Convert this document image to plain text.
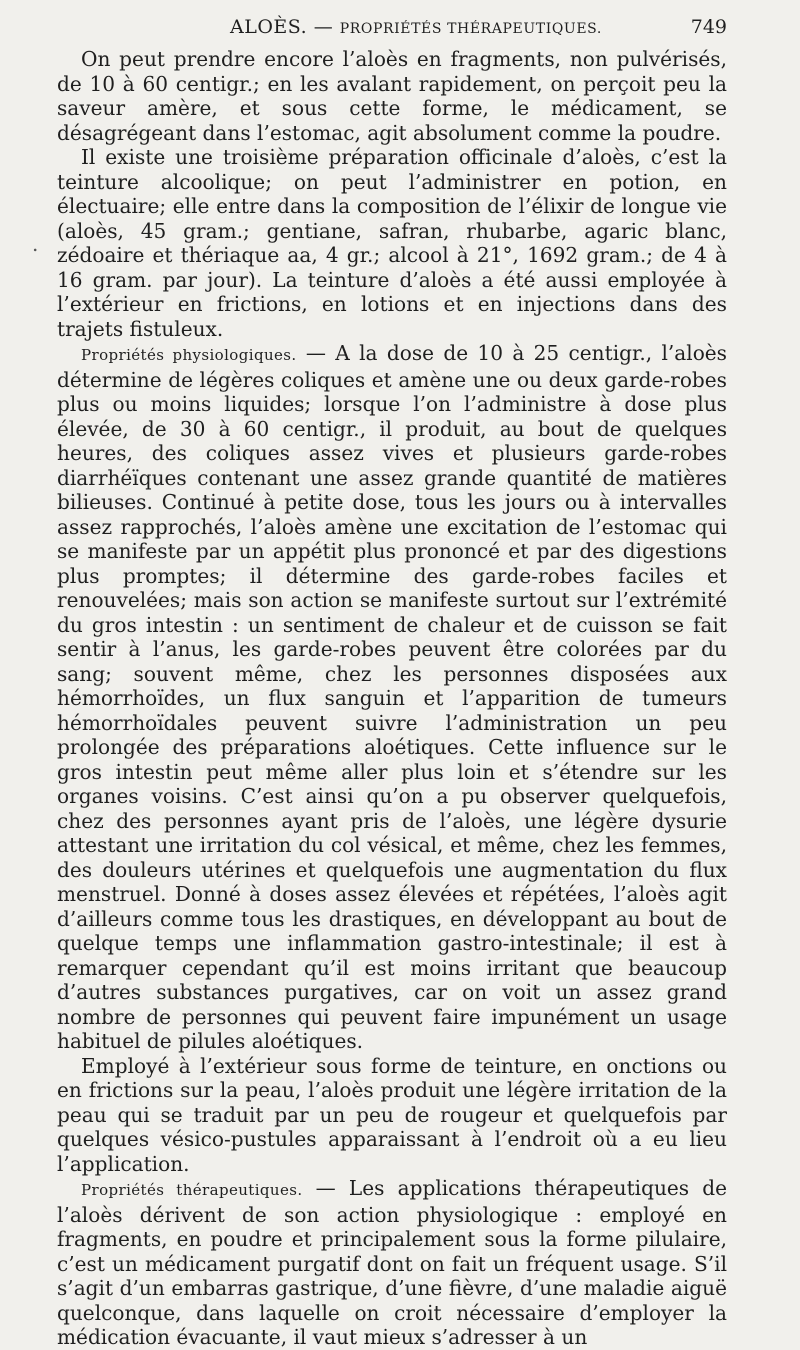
ALOÈS. — PROPRIÉTÉS THÉRAPEUTIQUES.	749
.

On peut prendre encore l’aloès en fragments, non pulvérisés, de 10 à 60 centigr.; en les avalant rapidement, on perçoit peu la saveur amère, et sous cette forme, le médicament, se désagrégeant dans l’estomac, agit absolument comme la poudre.

Il existe une troisième préparation officinale d’aloès, c’est la teinture alcoolique; on peut l’administrer en potion, en électuaire; elle entre dans la composition de l’élixir de longue vie (aloès, 45 gram.; gentiane, safran, rhubarbe, agaric blanc, zédoaire et thériaque aa, 4 gr.; alcool à 21°, 1692 gram.; de 4 à 16 gram. par jour). La teinture d’aloès a été aussi employée à l’extérieur en frictions, en lotions et en injections dans des trajets fistuleux.

Propriétés physiologiques. — A la dose de 10 à 25 centigr., l’aloès détermine de légères coliques et amène une ou deux garde-robes plus ou moins liquides; lorsque l’on l’administre à dose plus élevée, de 30 à 60 centigr., il produit, au bout de quelques heures, des coliques assez vives et plusieurs garde-robes diarrhéïques contenant une assez grande quantité de matières bilieuses. Continué à petite dose, tous les jours ou à intervalles assez rapprochés, l’aloès amène une excitation de l’estomac qui se manifeste par un appétit plus prononcé et par des digestions plus promptes; il détermine des garde-robes faciles et renouvelées; mais son action se manifeste surtout sur l’extrémité du gros intestin : un sentiment de chaleur et de cuisson se fait sentir à l’anus, les garde-robes peuvent être colorées par du sang; souvent même, chez les personnes disposées aux hémorrhoïdes, un flux sanguin et l’apparition de tumeurs hémorrhoïdales peuvent suivre l’administration un peu prolongée des préparations aloétiques. Cette influence sur le gros intestin peut même aller plus loin et s’étendre sur les organes voisins. C’est ainsi qu’on a pu observer quelquefois, chez des personnes ayant pris de l’aloès, une légère dysurie attestant une irritation du col vésical, et même, chez les femmes, des douleurs utérines et quelquefois une augmentation du flux menstruel. Donné à doses assez élevées et répétées, l’aloès agit d’ailleurs comme tous les drastiques, en développant au bout de quelque temps une inflammation gastro-intestinale; il est à remarquer cependant qu’il est moins irritant que beaucoup d’autres substances purgatives, car on voit un assez grand nombre de personnes qui peuvent faire impunément un usage habituel de pilules aloétiques.

Employé à l’extérieur sous forme de teinture, en onctions ou en frictions sur la peau, l’aloès produit une légère irritation de la peau qui se traduit par un peu de rougeur et quelquefois par quelques vésico-pustules apparaissant à l’endroit où a eu lieu l’application.

Propriétés thérapeutiques. — Les applications thérapeutiques de l’aloès dérivent de son action physiologique : employé en fragments, en poudre et principalement sous la forme pilulaire, c’est un médicament purgatif dont on fait un fréquent usage. S’il s’agit d’un embarras gastrique, d’une fièvre, d’une maladie aiguë quelconque, dans laquelle on croit nécessaire d’employer la médication évacuante, il vaut mieux s’adresser à un
